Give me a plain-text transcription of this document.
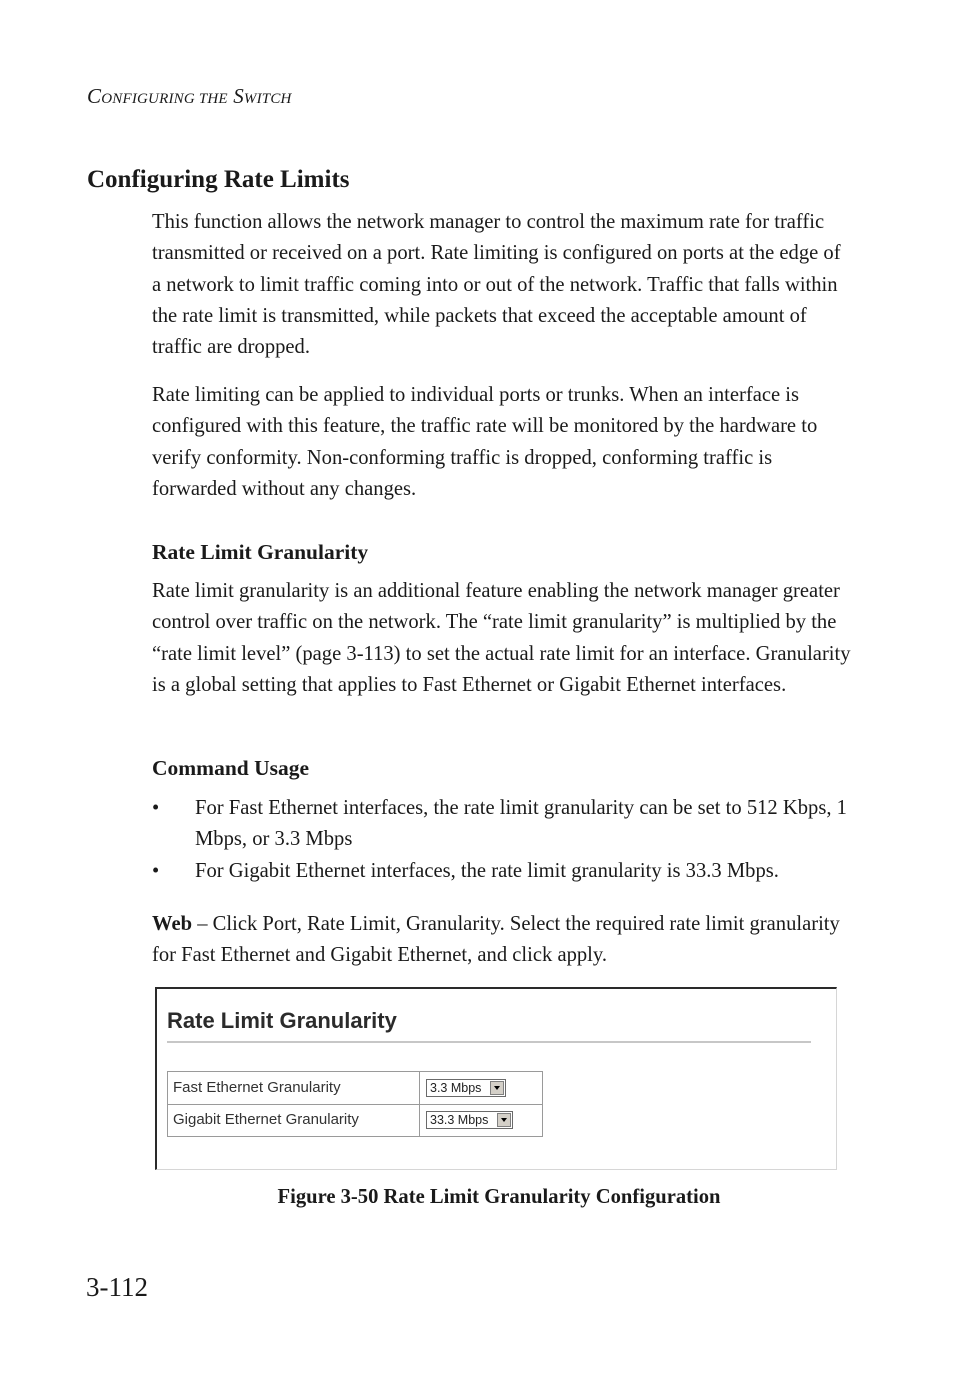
CONFIGURING THE SWITCH
Configuring Rate Limits

This function allows the network manager to control the maximum rate for traffic transmitted or received on a port. Rate limiting is configured on ports at the edge of a network to limit traffic coming into or out of the network. Traffic that falls within the rate limit is transmitted, while packets that exceed the acceptable amount of traffic are dropped.

Rate limiting can be applied to individual ports or trunks. When an interface is configured with this feature, the traffic rate will be monitored by the hardware to verify conformity. Non-conforming traffic is dropped, conforming traffic is forwarded without any changes.

Rate Limit Granularity

Rate limit granularity is an additional feature enabling the network manager greater control over traffic on the network. The “rate limit granularity” is multiplied by the “rate limit level” (page 3-113) to set the actual rate limit for an interface. Granularity is a global setting that applies to Fast Ethernet or Gigabit Ethernet interfaces.

Command Usage
• For Fast Ethernet interfaces, the rate limit granularity can be set to 512 Kbps, 1 Mbps, or 3.3 Mbps
• For Gigabit Ethernet interfaces, the rate limit granularity is 33.3 Mbps.

Web – Click Port, Rate Limit, Granularity. Select the required rate limit granularity for Fast Ethernet and Gigabit Ethernet, and click apply.

Rate Limit Granularity
Fast Ethernet Granularity	3.3 Mbps
Gigabit Ethernet Granularity	33.3 Mbps
Figure 3-50 Rate Limit Granularity Configuration
3-112
